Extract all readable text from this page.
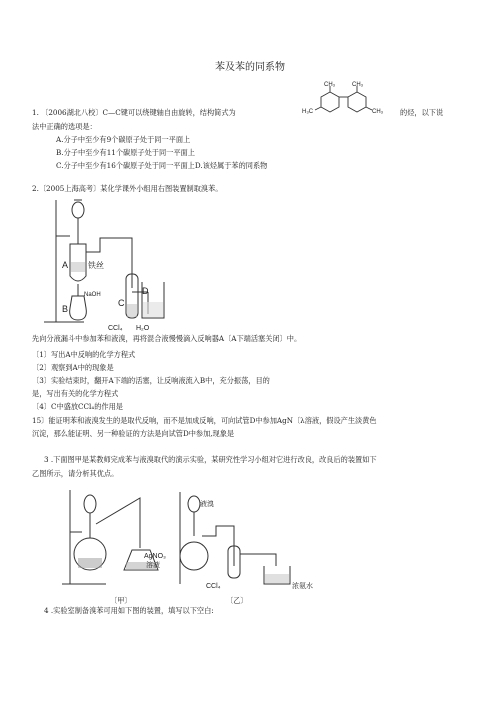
苯及苯的同系物
1. 〔2006湖北八校〕C—C键可以绕键轴自由旋转，结构简式为
CH₃	CH₃
H₃C	CH₃ 的烃，以下说
法中正确的选项是：
A.分子中至少有9个碳原子处于同一平面上
B.分子中至少有11个碳原子处于同一平面上
C.分子中至少有16个碳原子处于同一平面上D.该烃属于苯的同系物
2.〔2005上海高考〕某化学课外小组用右图装置制取溴苯。
A
B
C
D
铁丝
NaOH
CCl₄ H₂O
先向分液漏斗中参加苯和液溴，再将混合液慢慢滴入反响器A〔A下端活塞关闭〕中。
〔1〕写出A中反响的化学方程式
〔2〕观察到A中的现象是
〔3〕实验结束时，翻开A下端的活塞，让反响液流入B中，充分振荡，目的
是，写出有关的化学方程式
〔4〕C中盛放CCl₄的作用是
15〕能证明苯和液溴发生的是取代反响，而不是加成反响，可向试管D中参加AgN〔λ溶液，假设产生淡黄色
沉淀，那么能证明、另一种验证的方法是向试管D中参加,现象是
3 .下面图甲是某教师完成苯与液溴取代的演示实验，某研究性学习小组对它进行改良，改良后的装置如下
乙图所示，请分析其优点。
AgNO₃
溶液
液溴
CCl₄	浓氨水
〔甲〕	〔乙〕
4 .实验室制备溴苯可用如下图的装置，填写以下空白:
